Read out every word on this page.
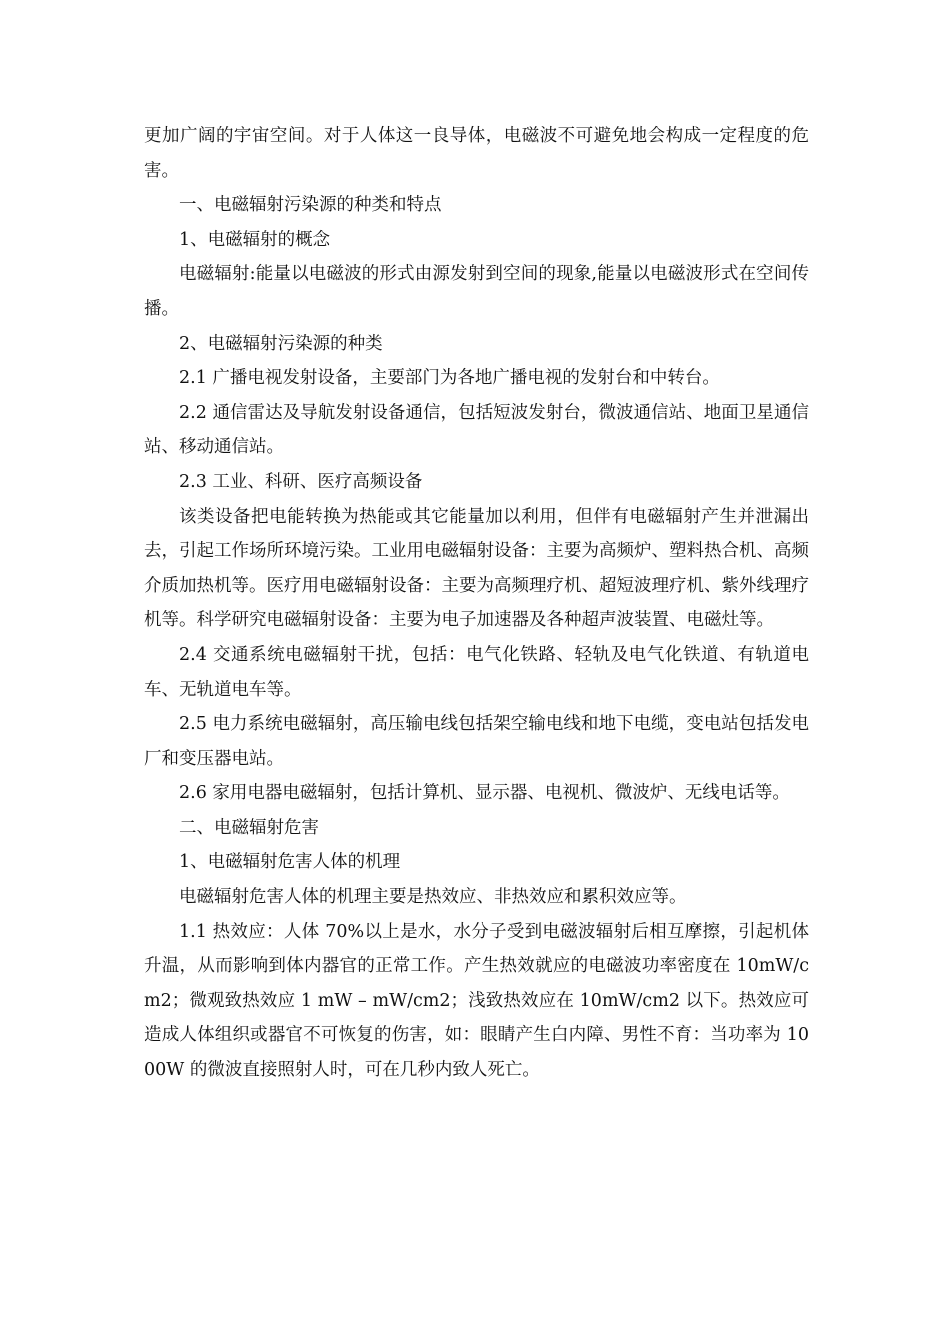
更加广阔的宇宙空间。对于人体这一良导体，电磁波不可避免地会构成一定程度的危害。

一、电磁辐射污染源的种类和特点

1、电磁辐射的概念

电磁辐射:能量以电磁波的形式由源发射到空间的现象,能量以电磁波形式在空间传播。

2、电磁辐射污染源的种类

2.1 广播电视发射设备，主要部门为各地广播电视的发射台和中转台。

2.2 通信雷达及导航发射设备通信，包括短波发射台，微波通信站、地面卫星通信站、移动通信站。

2.3 工业、科研、医疗高频设备

该类设备把电能转换为热能或其它能量加以利用，但伴有电磁辐射产生并泄漏出去，引起工作场所环境污染。工业用电磁辐射设备：主要为高频炉、塑料热合机、高频介质加热机等。医疗用电磁辐射设备：主要为高频理疗机、超短波理疗机、紫外线理疗机等。科学研究电磁辐射设备：主要为电子加速器及各种超声波装置、电磁灶等。

2.4 交通系统电磁辐射干扰，包括：电气化铁路、轻轨及电气化铁道、有轨道电车、无轨道电车等。

2.5 电力系统电磁辐射，高压输电线包括架空输电线和地下电缆，变电站包括发电厂和变压器电站。

2.6 家用电器电磁辐射，包括计算机、显示器、电视机、微波炉、无线电话等。

二、电磁辐射危害

1、电磁辐射危害人体的机理

电磁辐射危害人体的机理主要是热效应、非热效应和累积效应等。

1.1 热效应：人体 70%以上是水，水分子受到电磁波辐射后相互摩擦，引起机体升温，从而影响到体内器官的正常工作。产生热效就应的电磁波功率密度在 10mW/cm2；微观致热效应 1 mW – mW/cm2；浅致热效应在 10mW/cm2 以下。热效应可造成人体组织或器官不可恢复的伤害，如：眼睛产生白内障、男性不育：当功率为 1000W 的微波直接照射人时，可在几秒内致人死亡。
